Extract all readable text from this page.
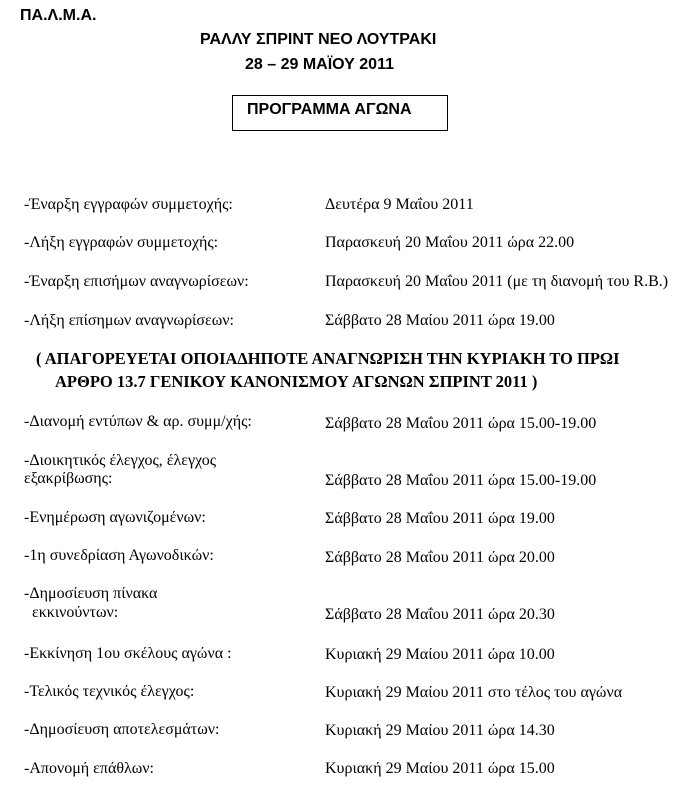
ΠΑ.Λ.Μ.Α.
ΡΑΛΛΥ ΣΠΡΙΝΤ ΝΕΟ ΛΟΥΤΡΑΚΙ
28 – 29 ΜΑΪΟΥ 2011
ΠΡΟΓΡΑΜΜΑ ΑΓΩΝΑ
-Έναρξη εγγραφών συμμετοχής:	Δευτέρα 9 Μαΐου 2011
-Λήξη εγγραφών συμμετοχής:	Παρασκευή 20 Μαΐου 2011 ώρα 22.00
-Έναρξη επισήμων αναγνωρίσεων:	Παρασκευή 20 Μαΐου 2011 (με τη διανομή του R.B.)
-Λήξη επίσημων αναγνωρίσεων:	Σάββατο 28 Μαίου 2011 ώρα 19.00
( ΑΠΑΓΟΡΕΥΕΤΑΙ ΟΠΟΙΑΔΗΠΟΤΕ ΑΝΑΓΝΩΡΙΣΗ ΤΗΝ ΚΥΡΙΑΚΗ ΤΟ ΠΡΩΙ
ΑΡΘΡΟ 13.7 ΓΕΝΙΚΟΥ ΚΑΝΟΝΙΣΜΟΥ ΑΓΩΝΩΝ ΣΠΡΙΝΤ 2011 )
-Διανομή εντύπων & αρ. συμμ/χής:	Σάββατο 28 Μαΐου 2011 ώρα 15.00-19.00
-Διοικητικός έλεγχος, έλεγχος
εξακρίβωσης:	Σάββατο 28 Μαΐου 2011 ώρα 15.00-19.00
-Ενημέρωση αγωνιζομένων:	Σάββατο 28 Μαΐου 2011 ώρα 19.00
-1η συνεδρίαση Αγωνοδικών:	Σάββατο 28 Μαΐου 2011 ώρα 20.00
-Δημοσίευση πίνακα
εκκινούντων:	Σάββατο 28 Μαΐου 2011 ώρα 20.30
-Εκκίνηση 1ου σκέλους αγώνα :	Κυριακή 29 Μαίου 2011 ώρα 10.00
-Τελικός τεχνικός έλεγχος:	Κυριακή 29 Μαίου 2011 στο τέλος του αγώνα
-Δημοσίευση αποτελεσμάτων:	Κυριακή 29 Μαίου 2011 ώρα 14.30
-Απονομή επάθλων:	Κυριακή 29 Μαίου 2011 ώρα 15.00
